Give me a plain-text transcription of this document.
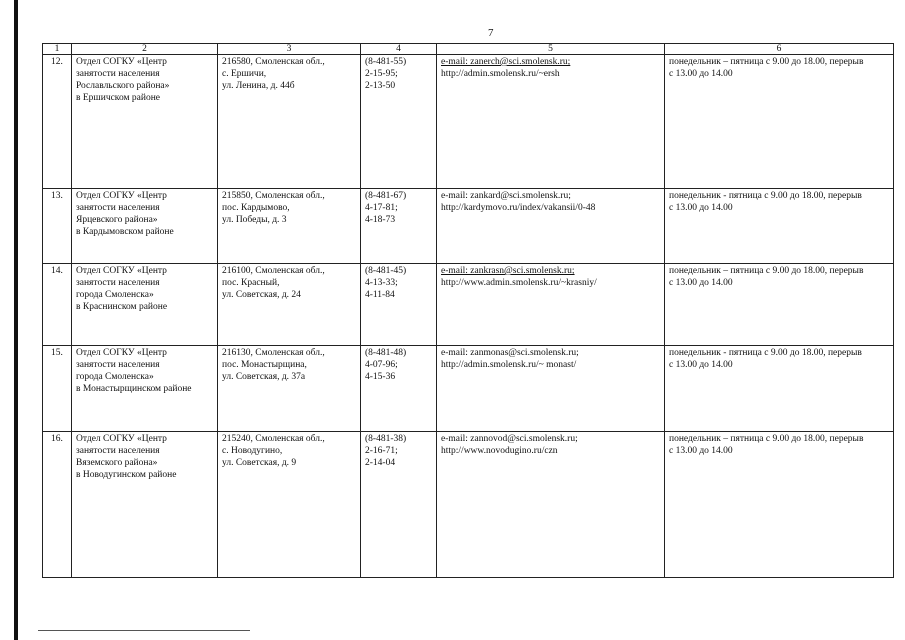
7
1	2	3	4	5	6
12.	Отдел СОГКУ «Центр
занятости населения
Рославльского района»
в Ершичском районе	216580, Смоленская обл.,
с. Ершичи,
ул. Ленина, д. 44б	(8-481-55)
2-15-95;
2-13-50	e-mail: zanerch@sci.smolensk.ru;
http://admin.smolensk.ru/~ersh	понедельник – пятница с 9.00 до 18.00, перерыв
с 13.00 до 14.00

13.	Отдел СОГКУ «Центр
занятости населения
Ярцевского района»
в Кардымовском районе	215850, Смоленская обл.,
пос. Кардымово,
ул. Победы, д. 3	(8-481-67)
4-17-81;
4-18-73	e-mail: zankard@sci.smolensk.ru;
http://kardymovo.ru/index/vakansii/0-48	понедельник - пятница с 9.00 до 18.00, перерыв
с 13.00 до 14.00

14.	Отдел СОГКУ «Центр
занятости населения
города Смоленска»
в Краснинском районе	216100, Смоленская обл.,
пос. Красный,
ул. Советская, д. 24	(8-481-45)
4-13-33;
4-11-84	e-mail: zankrasn@sci.smolensk.ru;
http://www.admin.smolensk.ru/~krasniy/	понедельник – пятница с 9.00 до 18.00, перерыв
с 13.00 до 14.00

15.	Отдел СОГКУ «Центр
занятости населения
города Смоленска»
в Монастырщинском районе	216130, Смоленская обл.,
пос. Монастырщина,
ул. Советская, д. 37а	(8-481-48)
4-07-96;
4-15-36	e-mail: zanmonas@sci.smolensk.ru;
http://admin.smolensk.ru/~ monast/	понедельник - пятница с 9.00 до 18.00, перерыв
с 13.00 до 14.00

16.	Отдел СОГКУ «Центр
занятости населения
Вяземского района»
в Новодугинском районе	215240, Смоленская обл.,
с. Новодугино,
ул. Советская, д. 9	(8-481-38)
2-16-71;
2-14-04	e-mail: zannovod@sci.smolensk.ru;
http://www.novodugino.ru/czn	понедельник – пятница с 9.00 до 18.00, перерыв
с 13.00 до 14.00
